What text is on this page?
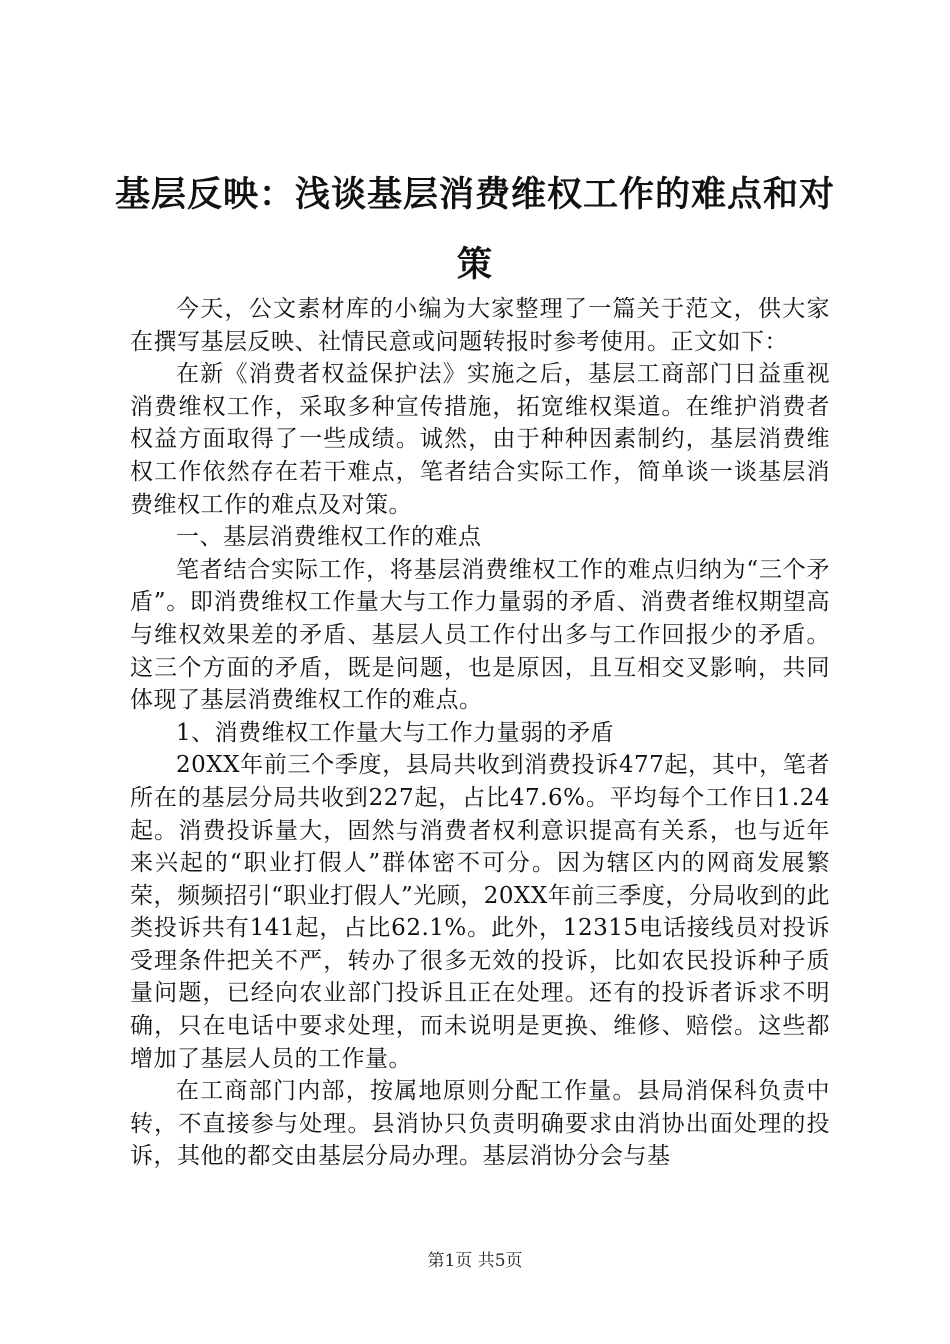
基层反映：浅谈基层消费维权工作的难点和对策

今天，公文素材库的小编为大家整理了一篇关于范文，供大家在撰写基层反映、社情民意或问题转报时参考使用。正文如下：

在新《消费者权益保护法》实施之后，基层工商部门日益重视消费维权工作，采取多种宣传措施，拓宽维权渠道。在维护消费者权益方面取得了一些成绩。诚然，由于种种因素制约，基层消费维权工作依然存在若干难点，笔者结合实际工作，简单谈一谈基层消费维权工作的难点及对策。

一、基层消费维权工作的难点

笔者结合实际工作，将基层消费维权工作的难点归纳为“三个矛盾”。即消费维权工作量大与工作力量弱的矛盾、消费者维权期望高与维权效果差的矛盾、基层人员工作付出多与工作回报少的矛盾。这三个方面的矛盾，既是问题，也是原因，且互相交叉影响，共同体现了基层消费维权工作的难点。

1、消费维权工作量大与工作力量弱的矛盾

20XX年前三个季度，县局共收到消费投诉477起，其中，笔者所在的基层分局共收到227起，占比47.6%。平均每个工作日1.24起。消费投诉量大，固然与消费者权利意识提高有关系，也与近年来兴起的“职业打假人”群体密不可分。因为辖区内的网商发展繁荣，频频招引“职业打假人”光顾，20XX年前三季度，分局收到的此类投诉共有141起，占比62.1%。此外，12315电话接线员对投诉受理条件把关不严，转办了很多无效的投诉，比如农民投诉种子质量问题，已经向农业部门投诉且正在处理。还有的投诉者诉求不明确，只在电话中要求处理，而未说明是更换、维修、赔偿。这些都增加了基层人员的工作量。

在工商部门内部，按属地原则分配工作量。县局消保科负责中转，不直接参与处理。县消协只负责明确要求由消协出面处理的投诉，其他的都交由基层分局办理。基层消协分会与基

第1页 共5页
